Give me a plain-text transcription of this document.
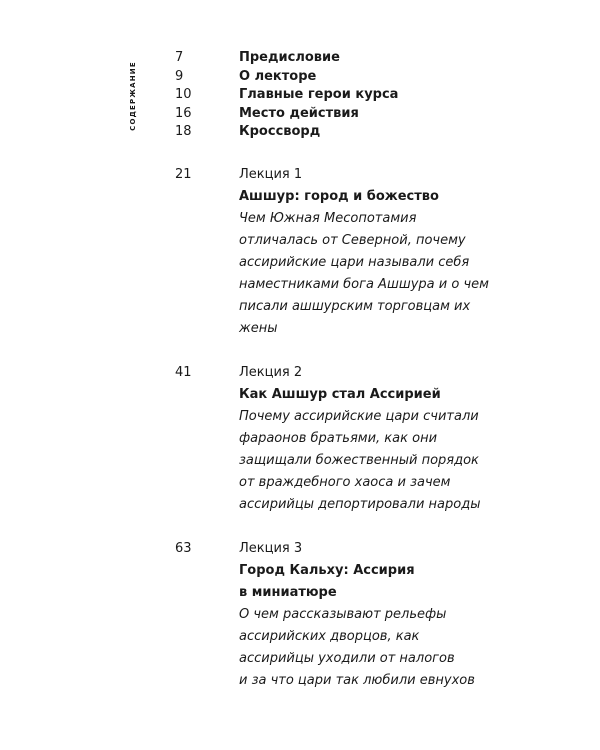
СОДЕРЖАНИЕ
7	Предисловие
9	О лекторе
10	Главные герои курса
16	Место действия
18	Кроссворд
21	Лекция 1
Ашшур: город и божество
Чем Южная Месопотамия
отличалась от Северной, почему
ассирийские цари называли себя
наместниками бога Ашшура и о чем
писали ашшурским торговцам их
жены
41	Лекция 2
Как Ашшур стал Ассирией
Почему ассирийские цари считали
фараонов братьями, как они
защищали божественный порядок
от враждебного хаоса и зачем
ассирийцы депортировали народы
63	Лекция 3
Город Кальху: Ассирия
в миниатюре
О чем рассказывают рельефы
ассирийских дворцов, как
ассирийцы уходили от налогов
и за что цари так любили евнухов
